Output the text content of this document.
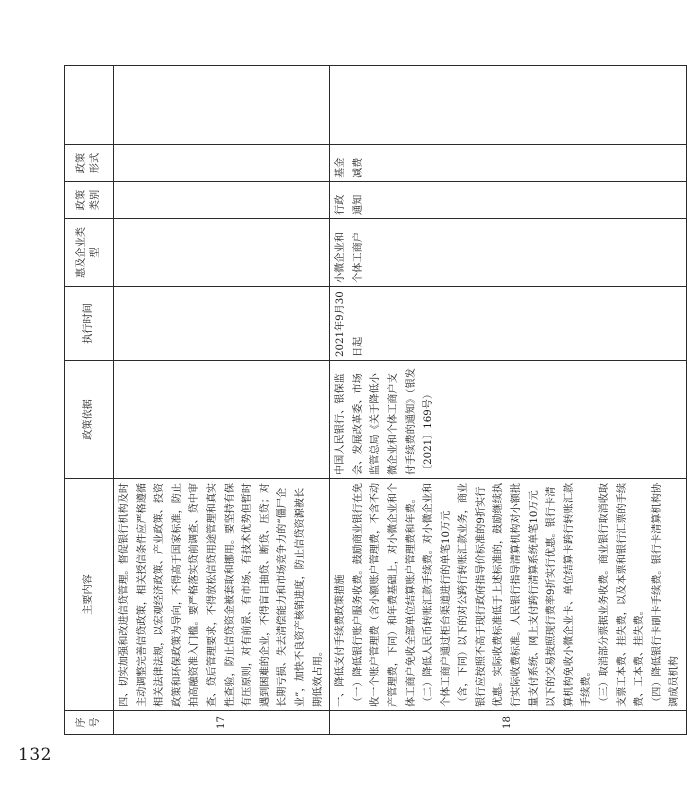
132
序号	主要内容	政策依据	执行时间	惠及企业类型	政策类别	政策形式	
17	四、切实加强和改进信贷管理。督促银行机构及时主动调整完善信贷政策，相关授信条件应严格遵循相关法律法规，以宏观经济政策、产业政策、投资政策和环保政策为导向，不得高于国家标准，防止拍高融资准入门槛。要严格落实贷前调查、贷中审查、贷后管理要求，不得放松信贷用途管理和真实性查验，防止信贷资金被套取和挪用。要坚持有保有压原则，对有前景、有市场、有技术优势但暂时遇到困难的企业，不得盲目抽贷、断贷、压贷；对长期亏损、失去清偿能力和市场竞争力的“僵尸企业”，加快不良资产核销进度，防止信贷资源被长期低效占用。						

18	一、降低支付手续费政策措施 （一）降低银行账户服务收费。鼓励商业银行在免收一个账户管理费（含小额账户管理费，不含不动产管理费，下同）和年费基础上，对小微企业和个体工商户免收全部单位结算账户管理费和年费。 （二）降低人民币转账汇款手续费。对小微企业和个体工商户通过柜台渠道进行的单笔10万元（含，下同）以下的对公跨行转账汇款业务，商业银行应按照不高于现行政府指导价标准的9折实行优惠。实际收费标准低于上述标准的，鼓励继续执行实际收费标准。人民银行指导清算机构对小额批量支付系统、网上支付跨行清算系统单笔10万元以下的交易按照现行费率9折实行优惠。银行卡清算机构免收小微企业卡、单位结算卡跨行转账汇款手续费。 （三）取消部分票据业务收费。商业银行取消收取支票工本费、挂失费，以及本票和银行汇票的手续费、工本费、挂失费。 （四）降低银行卡刷卡手续费。银行卡清算机构协调成员机构	中国人民银行、银保监会、发展改革委、市场监管总局《关于降低小微企业和个体工商户支付手续费的通知》（银发〔2021〕169号）	2021年9月30日起	小微企业和个体工商户	行政通知	基金减费	
